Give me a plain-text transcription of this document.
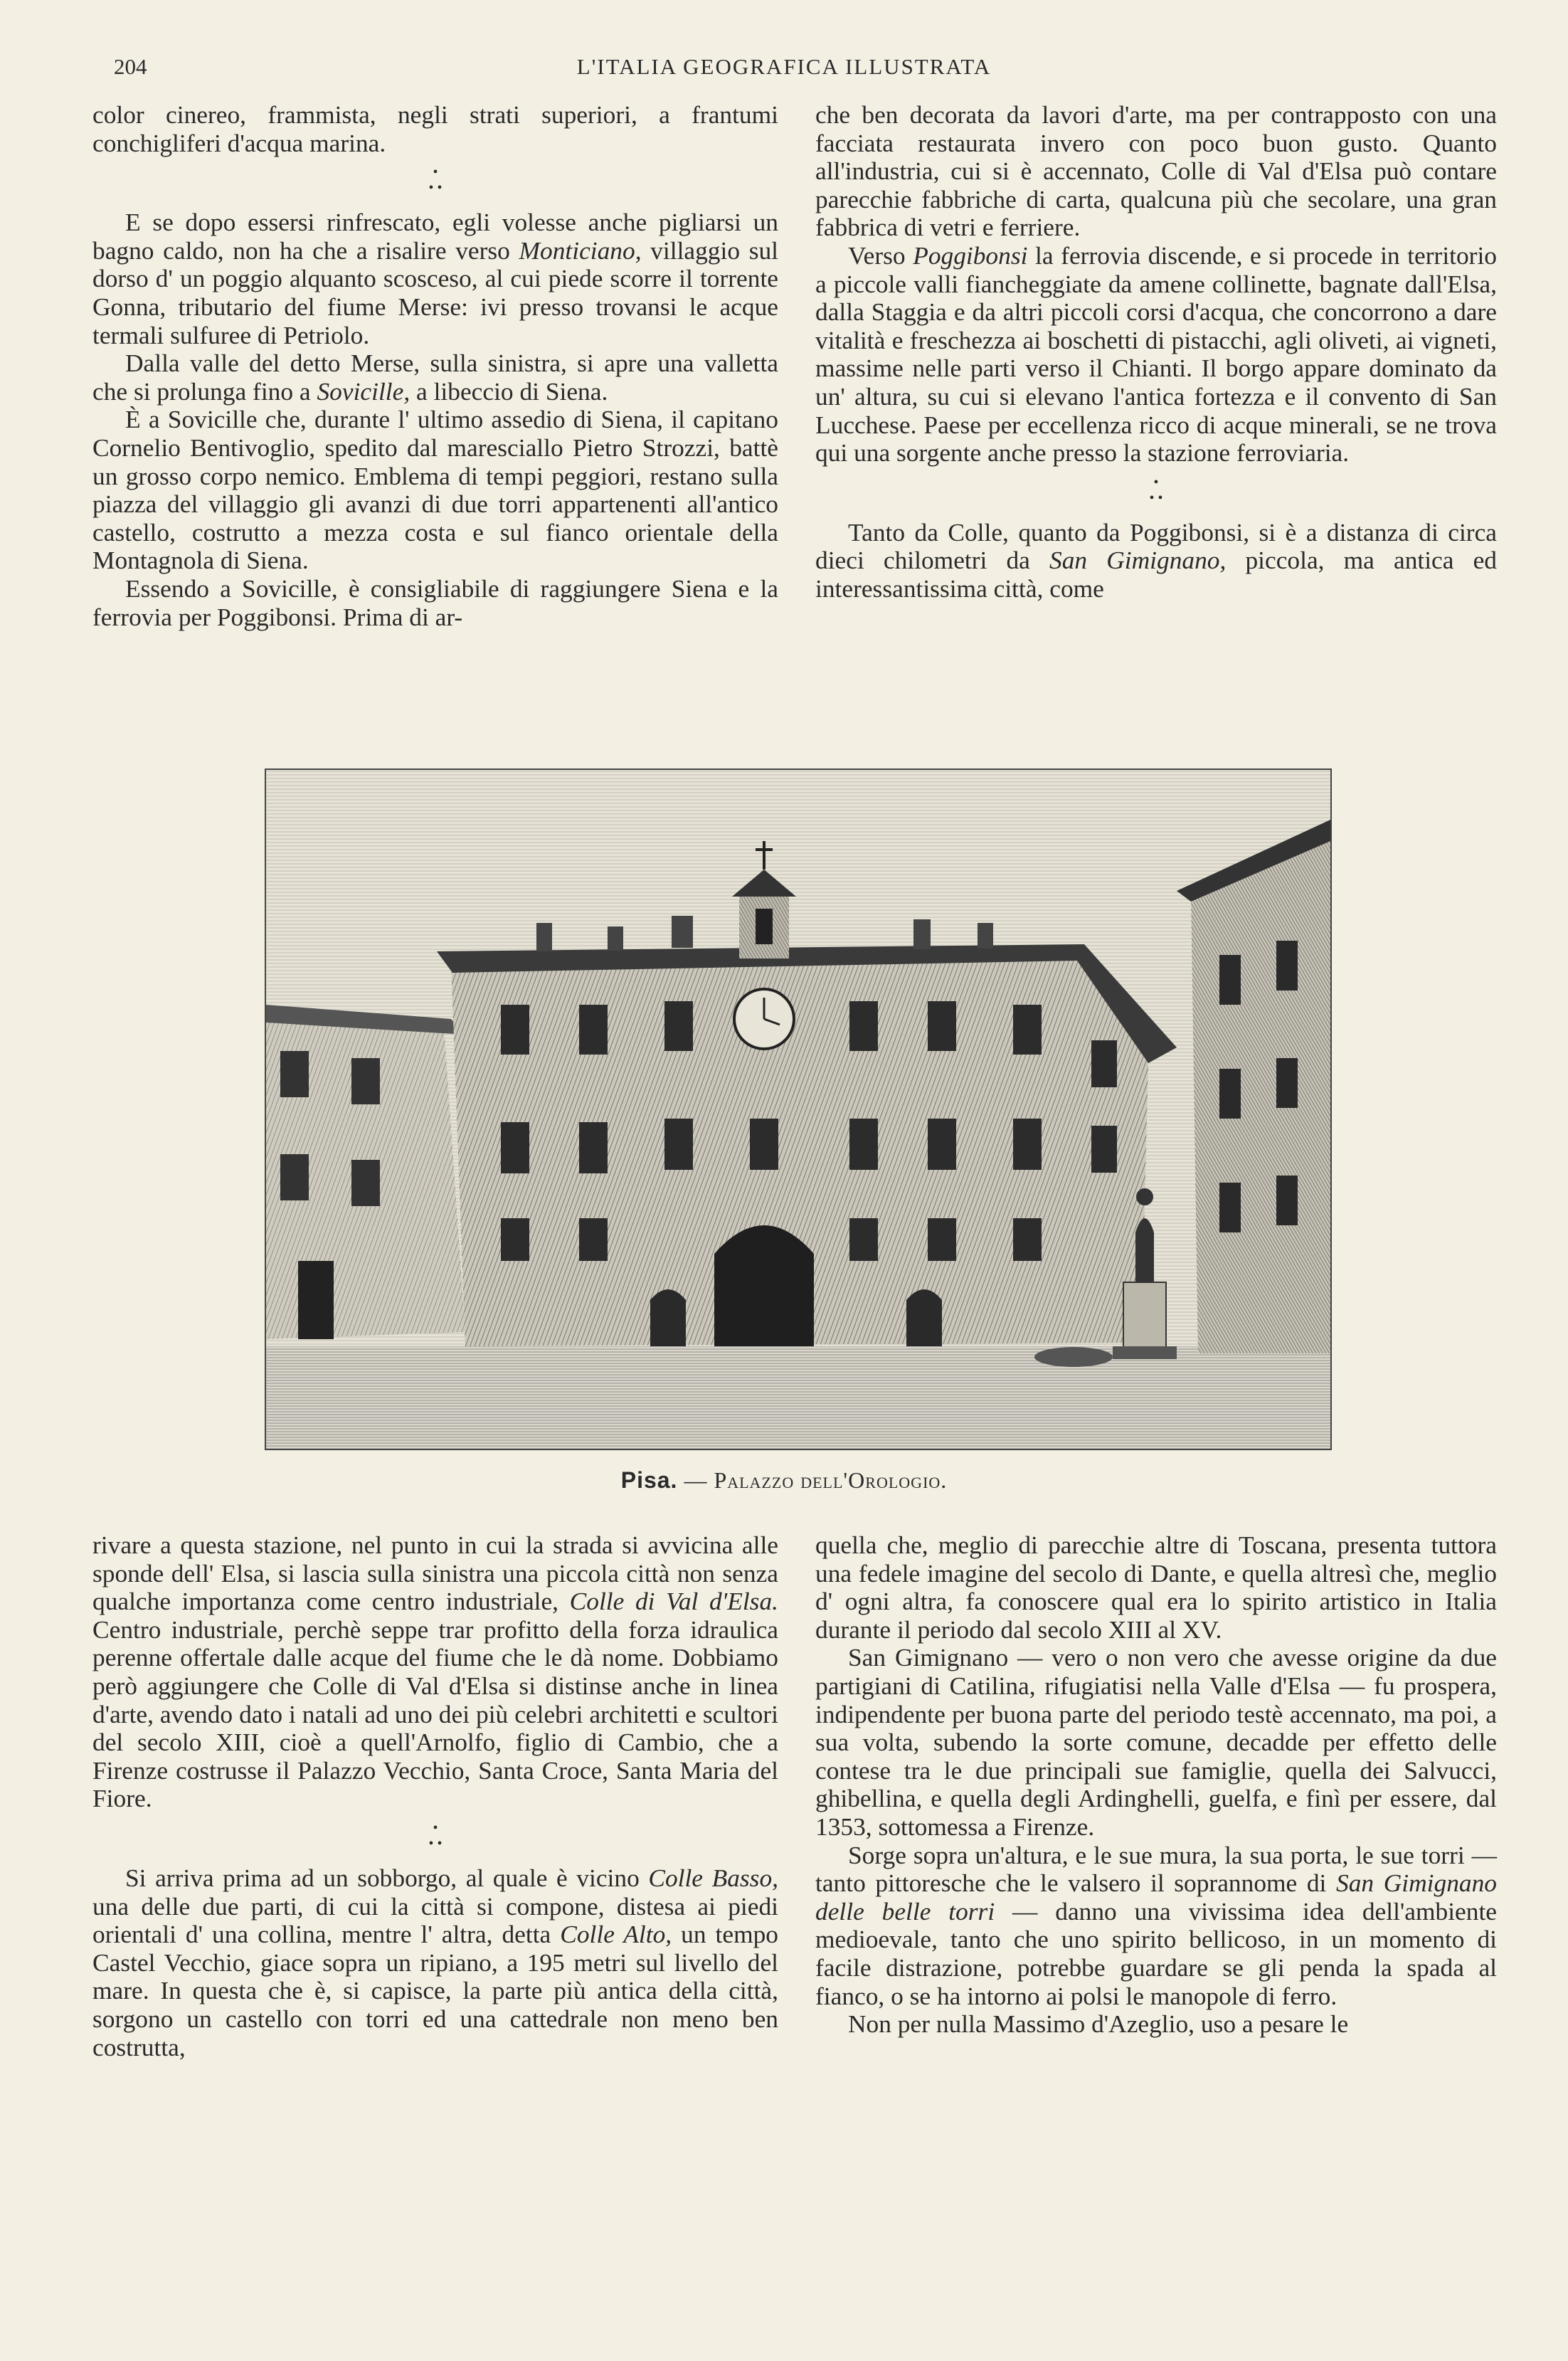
204	L'ITALIA GEOGRAFICA ILLUSTRATA

color cinereo, frammista, negli strati superiori, a frantumi conchigliferi d'acqua marina.

•
• •

E se dopo essersi rinfrescato, egli volesse anche pigliarsi un bagno caldo, non ha che a risalire verso Monticiano, villaggio sul dorso d' un poggio alquanto scosceso, al cui piede scorre il torrente Gonna, tributario del fiume Merse: ivi presso trovansi le acque termali sulfuree di Petriolo.

Dalla valle del detto Merse, sulla sinistra, si apre una valletta che si prolunga fino a Sovicille, a libeccio di Siena.

È a Sovicille che, durante l' ultimo assedio di Siena, il capitano Cornelio Bentivoglio, spedito dal maresciallo Pietro Strozzi, battè un grosso corpo nemico. Emblema di tempi peggiori, restano sulla piazza del villaggio gli avanzi di due torri appartenenti all'antico castello, costrutto a mezza costa e sul fianco orientale della Montagnola di Siena.

Essendo a Sovicille, è consigliabile di raggiungere Siena e la ferrovia per Poggibonsi. Prima di ar-

che ben decorata da lavori d'arte, ma per contrapposto con una facciata restaurata invero con poco buon gusto. Quanto all'industria, cui si è accennato, Colle di Val d'Elsa può contare parecchie fabbriche di carta, qualcuna più che secolare, una gran fabbrica di vetri e ferriere.

Verso Poggibonsi la ferrovia discende, e si procede in territorio a piccole valli fiancheggiate da amene collinette, bagnate dall'Elsa, dalla Staggia e da altri piccoli corsi d'acqua, che concorrono a dare vitalità e freschezza ai boschetti di pistacchi, agli oliveti, ai vigneti, massime nelle parti verso il Chianti. Il borgo appare dominato da un' altura, su cui si elevano l'antica fortezza e il convento di San Lucchese. Paese per eccellenza ricco di acque minerali, se ne trova qui una sorgente anche presso la stazione ferroviaria.

•
• •

Tanto da Colle, quanto da Poggibonsi, si è a distanza di circa dieci chilometri da San Gimignano, piccola, ma antica ed interessantissima città, come

Pisa. — Palazzo dell'Orologio.

rivare a questa stazione, nel punto in cui la strada si avvicina alle sponde dell' Elsa, si lascia sulla sinistra una piccola città non senza qualche importanza come centro industriale, Colle di Val d'Elsa. Centro industriale, perchè seppe trar profitto della forza idraulica perenne offertale dalle acque del fiume che le dà nome. Dobbiamo però aggiungere che Colle di Val d'Elsa si distinse anche in linea d'arte, avendo dato i natali ad uno dei più celebri architetti e scultori del secolo XIII, cioè a quell'Arnolfo, figlio di Cambio, che a Firenze costrusse il Palazzo Vecchio, Santa Croce, Santa Maria del Fiore.

•
• •

Si arriva prima ad un sobborgo, al quale è vicino Colle Basso, una delle due parti, di cui la città si compone, distesa ai piedi orientali d' una collina, mentre l' altra, detta Colle Alto, un tempo Castel Vecchio, giace sopra un ripiano, a 195 metri sul livello del mare. In questa che è, si capisce, la parte più antica della città, sorgono un castello con torri ed una cattedrale non meno ben costrutta,

quella che, meglio di parecchie altre di Toscana, presenta tuttora una fedele imagine del secolo di Dante, e quella altresì che, meglio d' ogni altra, fa conoscere qual era lo spirito artistico in Italia durante il periodo dal secolo XIII al XV.

San Gimignano — vero o non vero che avesse origine da due partigiani di Catilina, rifugiatisi nella Valle d'Elsa — fu prospera, indipendente per buona parte del periodo testè accennato, ma poi, a sua volta, subendo la sorte comune, decadde per effetto delle contese tra le due principali sue famiglie, quella dei Salvucci, ghibellina, e quella degli Ardinghelli, guelfa, e finì per essere, dal 1353, sottomessa a Firenze.

Sorge sopra un'altura, e le sue mura, la sua porta, le sue torri — tanto pittoresche che le valsero il soprannome di San Gimignano delle belle torri — danno una vivissima idea dell'ambiente medioevale, tanto che uno spirito bellicoso, in un momento di facile distrazione, potrebbe guardare se gli penda la spada al fianco, o se ha intorno ai polsi le manopole di ferro.

Non per nulla Massimo d'Azeglio, uso a pesare le
